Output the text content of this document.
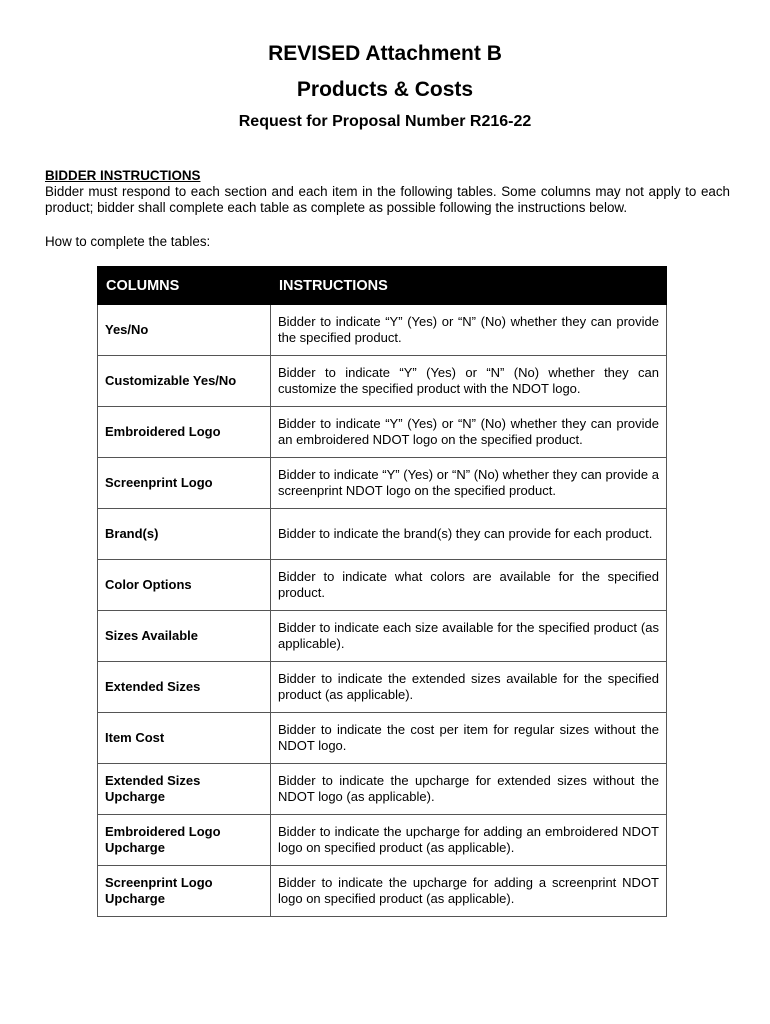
REVISED Attachment B
Products & Costs
Request for Proposal Number R216-22
BIDDER INSTRUCTIONS
Bidder must respond to each section and each item in the following tables. Some columns may not apply to each product; bidder shall complete each table as complete as possible following the instructions below.
How to complete the tables:
COLUMNS	INSTRUCTIONS
Yes/No	Bidder to indicate “Y” (Yes) or “N” (No) whether they can provide the specified product.
Customizable Yes/No	Bidder to indicate “Y” (Yes) or “N” (No) whether they can customize the specified product with the NDOT logo.
Embroidered Logo	Bidder to indicate “Y” (Yes) or “N” (No) whether they can provide an embroidered NDOT logo on the specified product.
Screenprint Logo	Bidder to indicate “Y” (Yes) or “N” (No) whether they can provide a screenprint NDOT logo on the specified product.
Brand(s)	Bidder to indicate the brand(s) they can provide for each product.
Color Options	Bidder to indicate what colors are available for the specified product.
Sizes Available	Bidder to indicate each size available for the specified product (as applicable).
Extended Sizes	Bidder to indicate the extended sizes available for the specified product (as applicable).
Item Cost	Bidder to indicate the cost per item for regular sizes without the NDOT logo.
Extended Sizes Upcharge	Bidder to indicate the upcharge for extended sizes without the NDOT logo (as applicable).
Embroidered Logo Upcharge	Bidder to indicate the upcharge for adding an embroidered NDOT logo on specified product (as applicable).
Screenprint Logo Upcharge	Bidder to indicate the upcharge for adding a screenprint NDOT logo on specified product (as applicable).
